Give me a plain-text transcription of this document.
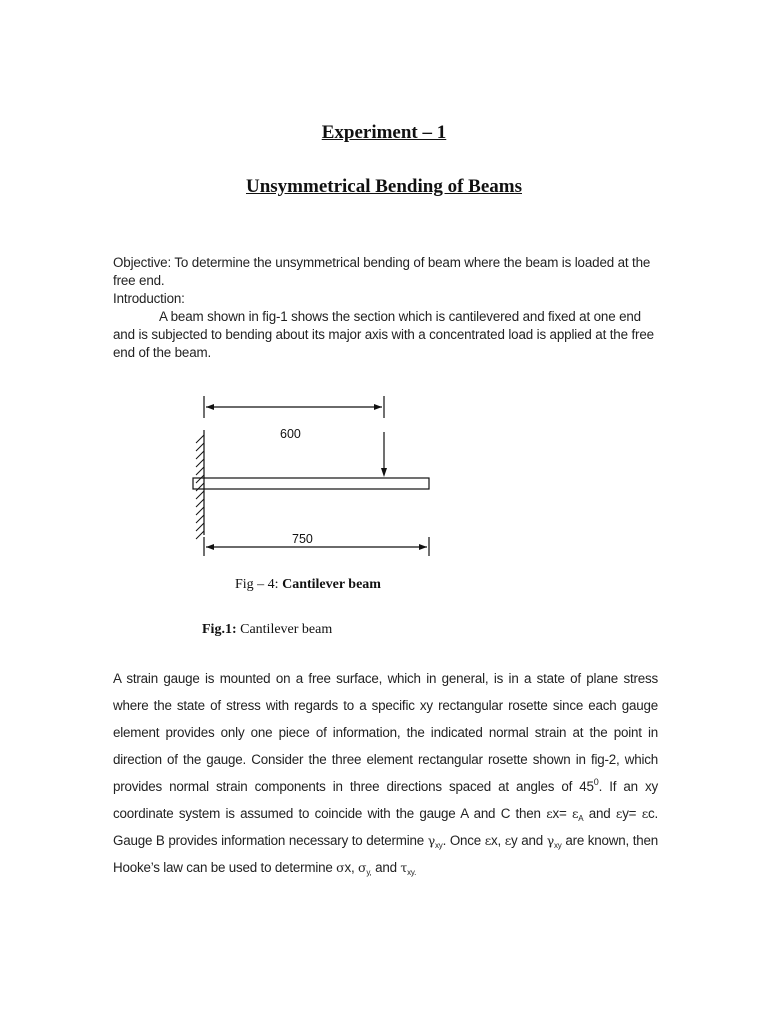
Experiment – 1
Unsymmetrical Bending of Beams

Objective: To determine the unsymmetrical bending of beam where the beam is loaded at the free end.

Introduction:

A beam shown in fig-1 shows the section which is cantilevered and fixed at one end and is subjected to bending about its major axis with a concentrated load is applied at the free end of the beam.

600
750
Fig – 4: Cantilever beam
Fig.1: Cantilever beam

A strain gauge is mounted on a free surface, which in general, is in a state of plane stress where the state of stress with regards to a specific xy rectangular rosette since each gauge element provides only one piece of information, the indicated normal strain at the point in direction of the gauge. Consider the three element rectangular rosette shown in fig-2, which provides normal strain components in three directions spaced at angles of $45^0$. If an xy coordinate system is assumed to coincide with the gauge A and C then $\varepsilon x= \varepsilon_A$ and εy= εc. Gauge B provides information necessary to determine $\gamma_{xy}$. Once εx, εy and $\gamma_{xy}$ are known, then Hooke’s law can be used to determine σx, $\sigma_{y,}$ and $\tau_{xy.}$
